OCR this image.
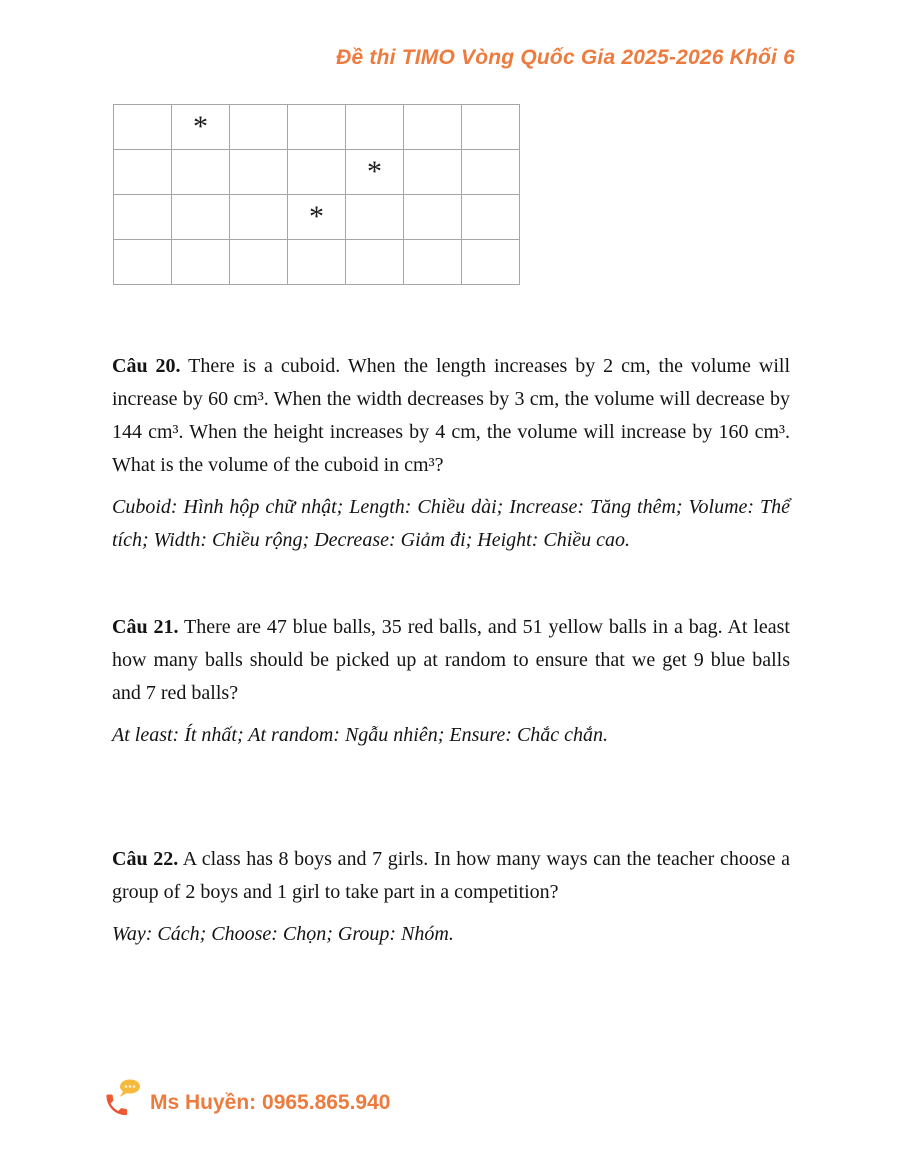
Đề thi TIMO Vòng Quốc Gia 2025-2026 Khối 6
*
*
*

Câu 20. There is a cuboid. When the length increases by 2 cm, the volume will increase by 60 cm³. When the width decreases by 3 cm, the volume will decrease by 144 cm³. When the height increases by 4 cm, the volume will increase by 160 cm³. What is the volume of the cuboid in cm³?

Cuboid: Hình hộp chữ nhật; Length: Chiều dài; Increase: Tăng thêm; Volume: Thể tích; Width: Chiều rộng; Decrease: Giảm đi; Height: Chiều cao.

Câu 21. There are 47 blue balls, 35 red balls, and 51 yellow balls in a bag. At least how many balls should be picked up at random to ensure that we get 9 blue balls and 7 red balls?

At least: Ít nhất; At random: Ngẫu nhiên; Ensure: Chắc chắn.

Câu 22. A class has 8 boys and 7 girls. In how many ways can the teacher choose a group of 2 boys and 1 girl to take part in a competition?

Way: Cách; Choose: Chọn; Group: Nhóm.

Ms Huyền: 0965.865.940
